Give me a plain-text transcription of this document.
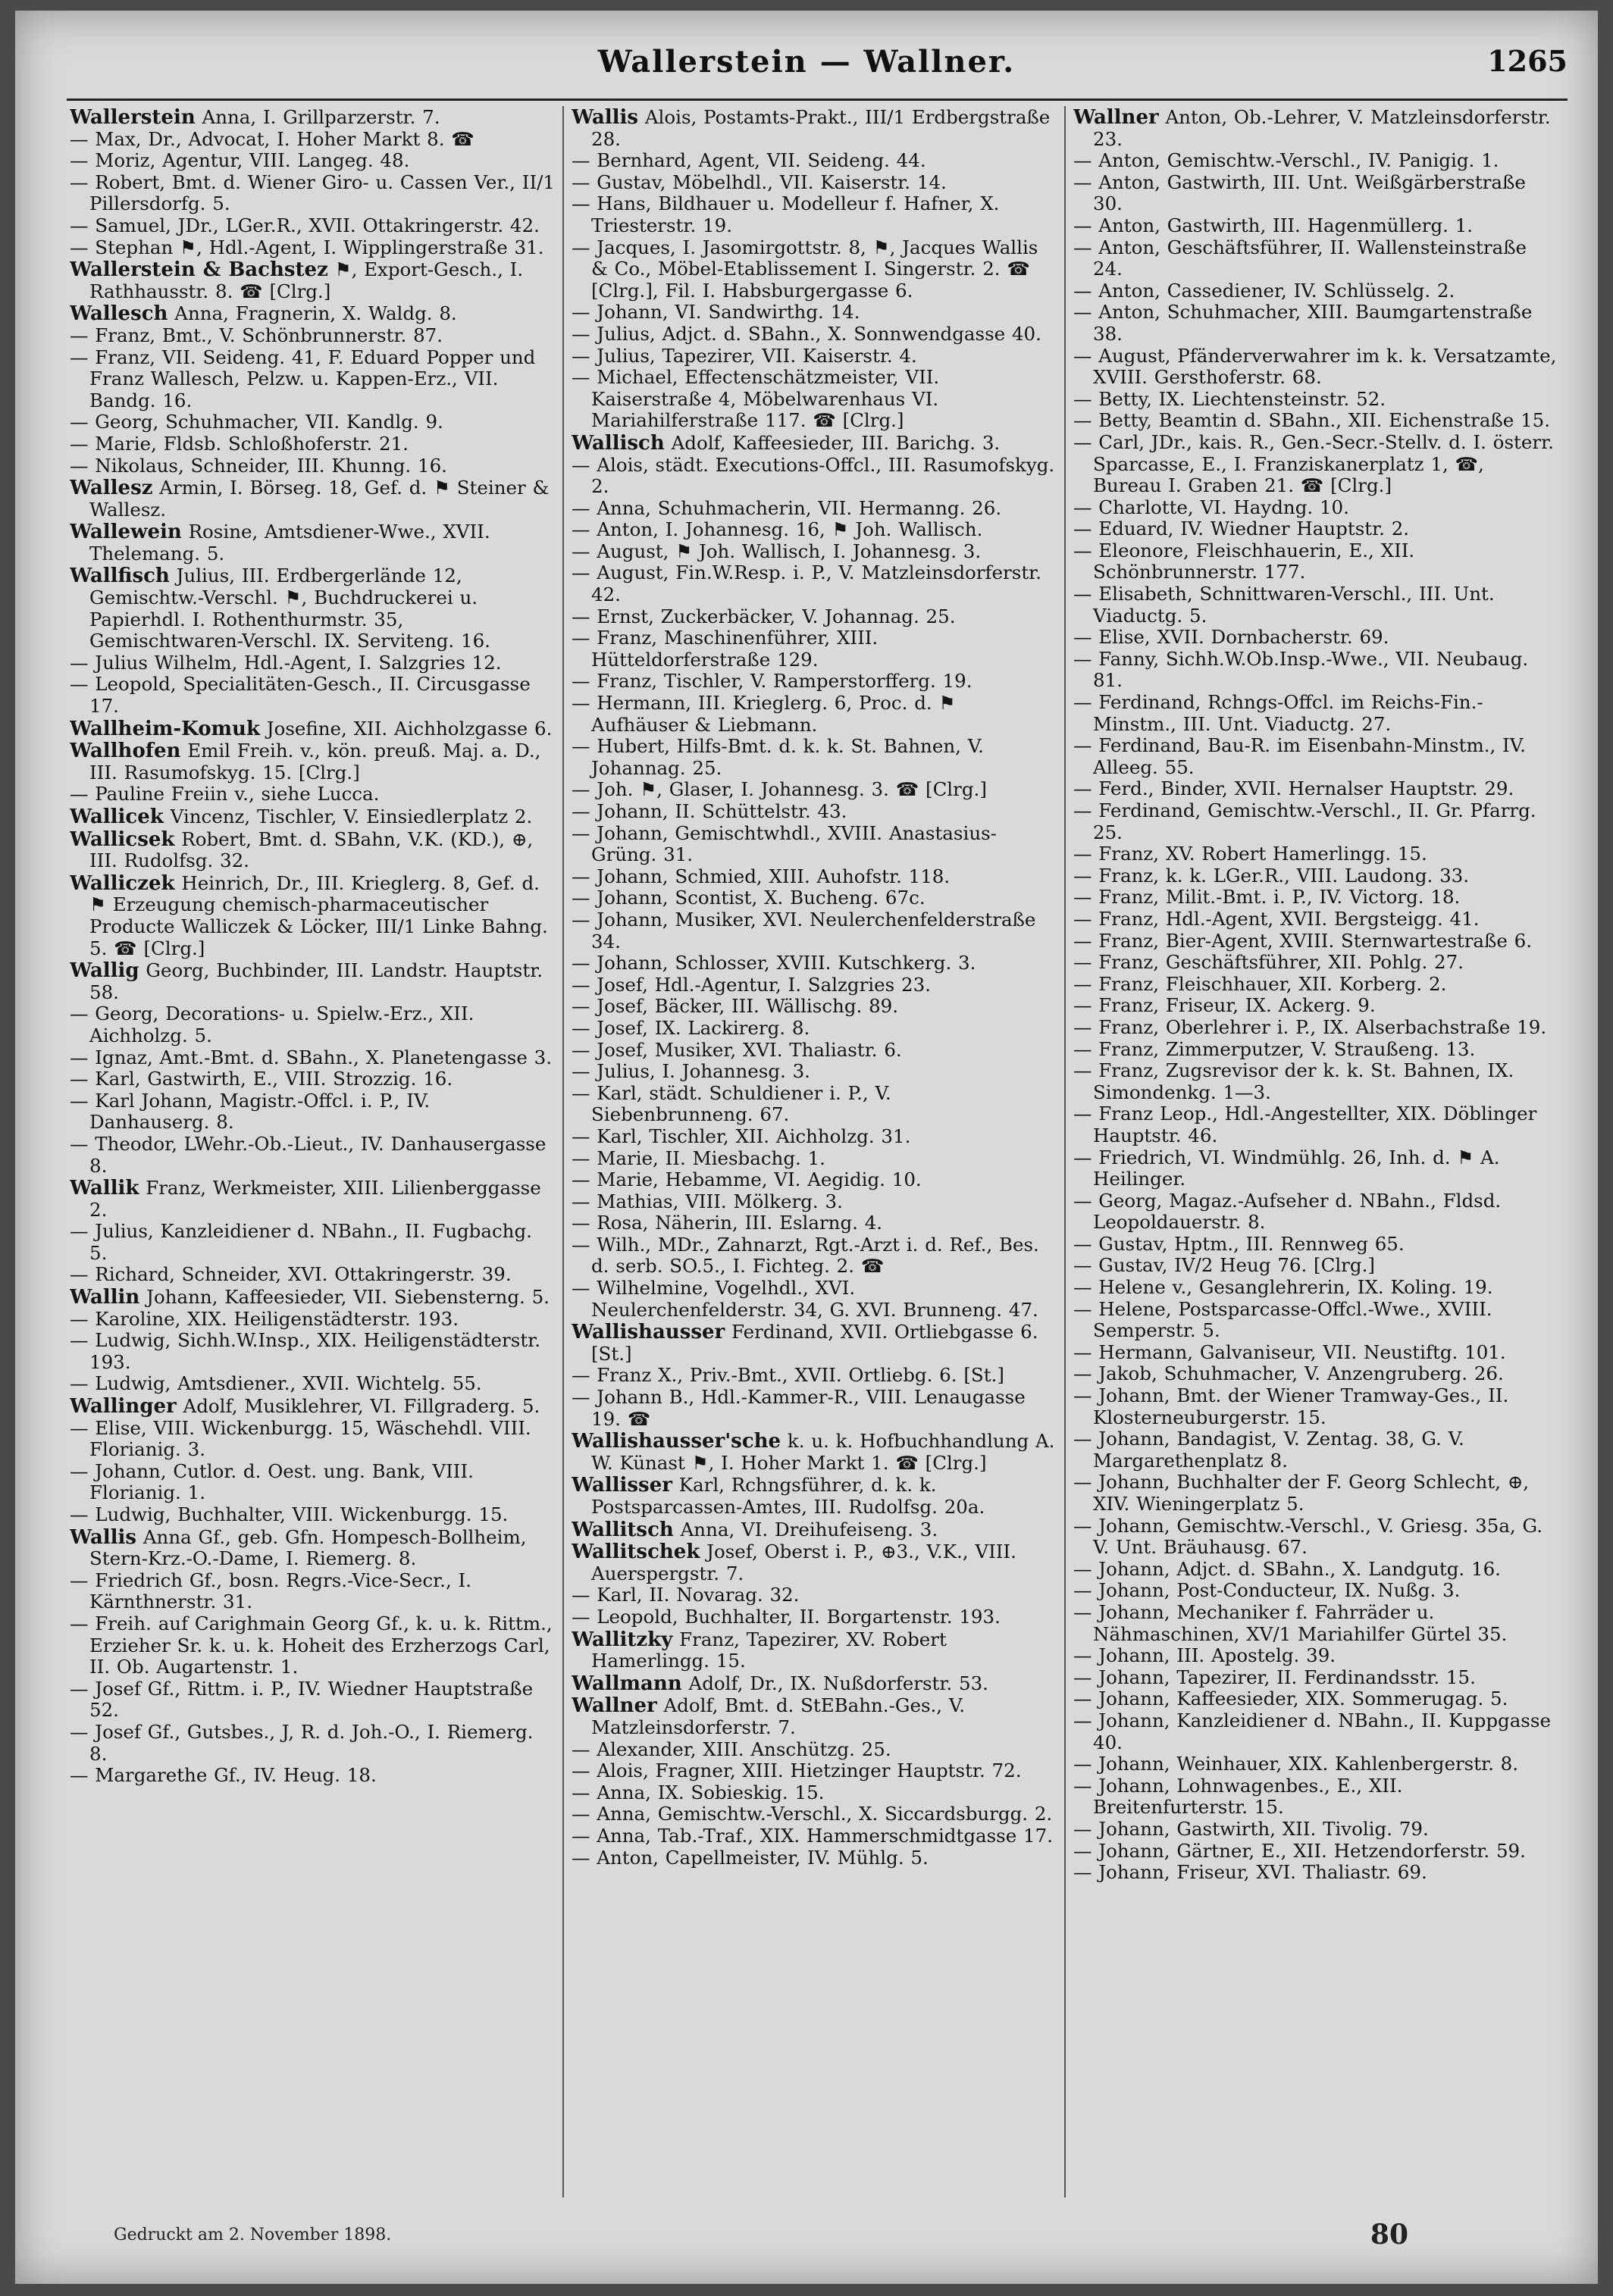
Wallerstein — Wallner.	1265

Wallerstein Anna, I. Grillparzerstr. 7.

— Max, Dr., Advocat, I. Hoher Markt 8. ☎

— Moriz, Agentur, VIII. Langeg. 48.

— Robert, Bmt. d. Wiener Giro- u. Cassen Ver., II/1 Pillersdorfg. 5.

— Samuel, JDr., LGer.R., XVII. Ottakringerstr. 42.

— Stephan ⚑, Hdl.-Agent, I. Wipplingerstraße 31.

Wallerstein & Bachstez ⚑, Export-Gesch., I. Rathhausstr. 8. ☎ [Clrg.]

Wallesch Anna, Fragnerin, X. Waldg. 8.

— Franz, Bmt., V. Schönbrunnerstr. 87.

— Franz, VII. Seideng. 41, F. Eduard Popper und Franz Wallesch, Pelzw. u. Kappen-Erz., VII. Bandg. 16.

— Georg, Schuhmacher, VII. Kandlg. 9.

— Marie, Fldsb. Schloßhoferstr. 21.

— Nikolaus, Schneider, III. Khunng. 16.

Wallesz Armin, I. Börseg. 18, Gef. d. ⚑ Steiner & Wallesz.

Wallewein Rosine, Amtsdiener-Wwe., XVII. Thelemang. 5.

Wallfisch Julius, III. Erdbergerlände 12, Gemischtw.-Verschl. ⚑, Buchdruckerei u. Papierhdl. I. Rothenthurmstr. 35, Gemischtwaren-Verschl. IX. Serviteng. 16.

— Julius Wilhelm, Hdl.-Agent, I. Salzgries 12.

— Leopold, Specialitäten-Gesch., II. Circusgasse 17.

Wallheim-Komuk Josefine, XII. Aichholzgasse 6.

Wallhofen Emil Freih. v., kön. preuß. Maj. a. D., III. Rasumofskyg. 15. [Clrg.]

— Pauline Freiin v., siehe Lucca.

Wallicek Vincenz, Tischler, V. Einsiedlerplatz 2.

Wallicsek Robert, Bmt. d. SBahn, V.K. (KD.), ⊕, III. Rudolfsg. 32.

Walliczek Heinrich, Dr., III. Krieglerg. 8, Gef. d. ⚑ Erzeugung chemisch-pharmaceutischer Producte Walliczek & Löcker, III/1 Linke Bahng. 5. ☎ [Clrg.]

Wallig Georg, Buchbinder, III. Landstr. Hauptstr. 58.

— Georg, Decorations- u. Spielw.-Erz., XII. Aichholzg. 5.

— Ignaz, Amt.-Bmt. d. SBahn., X. Planetengasse 3.

— Karl, Gastwirth, E., VIII. Strozzig. 16.

— Karl Johann, Magistr.-Offcl. i. P., IV. Danhauserg. 8.

— Theodor, LWehr.-Ob.-Lieut., IV. Danhausergasse 8.

Wallik Franz, Werkmeister, XIII. Lilienberggasse 2.

— Julius, Kanzleidiener d. NBahn., II. Fugbachg. 5.

— Richard, Schneider, XVI. Ottakringerstr. 39.

Wallin Johann, Kaffeesieder, VII. Siebensterng. 5.

— Karoline, XIX. Heiligenstädterstr. 193.

— Ludwig, Sichh.W.Insp., XIX. Heiligenstädterstr. 193.

— Ludwig, Amtsdiener., XVII. Wichtelg. 55.

Wallinger Adolf, Musiklehrer, VI. Fillgraderg. 5.

— Elise, VIII. Wickenburgg. 15, Wäschehdl. VIII. Florianig. 3.

— Johann, Cutlor. d. Oest. ung. Bank, VIII. Florianig. 1.

— Ludwig, Buchhalter, VIII. Wickenburgg. 15.

Wallis Anna Gf., geb. Gfn. Hompesch-Bollheim, Stern-Krz.-O.-Dame, I. Riemerg. 8.

— Friedrich Gf., bosn. Regrs.-Vice-Secr., I. Kärnthnerstr. 31.

— Freih. auf Carighmain Georg Gf., k. u. k. Rittm., Erzieher Sr. k. u. k. Hoheit des Erzherzogs Carl, II. Ob. Augartenstr. 1.

— Josef Gf., Rittm. i. P., IV. Wiedner Hauptstraße 52.

— Josef Gf., Gutsbes., J, R. d. Joh.-O., I. Riemerg. 8.

— Margarethe Gf., IV. Heug. 18.

Wallis Alois, Postamts-Prakt., III/1 Erdbergstraße 28.

— Bernhard, Agent, VII. Seideng. 44.

— Gustav, Möbelhdl., VII. Kaiserstr. 14.

— Hans, Bildhauer u. Modelleur f. Hafner, X. Triesterstr. 19.

— Jacques, I. Jasomirgottstr. 8, ⚑, Jacques Wallis & Co., Möbel-Etablissement I. Singerstr. 2. ☎ [Clrg.], Fil. I. Habsburgergasse 6.

— Johann, VI. Sandwirthg. 14.

— Julius, Adjct. d. SBahn., X. Sonnwendgasse 40.

— Julius, Tapezirer, VII. Kaiserstr. 4.

— Michael, Effectenschätzmeister, VII. Kaiserstraße 4, Möbelwarenhaus VI. Mariahilferstraße 117. ☎ [Clrg.]

Wallisch Adolf, Kaffeesieder, III. Barichg. 3.

— Alois, städt. Executions-Offcl., III. Rasumofskyg. 2.

— Anna, Schuhmacherin, VII. Hermanng. 26.

— Anton, I. Johannesg. 16, ⚑ Joh. Wallisch.

— August, ⚑ Joh. Wallisch, I. Johannesg. 3.

— August, Fin.W.Resp. i. P., V. Matzleinsdorferstr. 42.

— Ernst, Zuckerbäcker, V. Johannag. 25.

— Franz, Maschinenführer, XIII. Hütteldorferstraße 129.

— Franz, Tischler, V. Ramperstorfferg. 19.

— Hermann, III. Krieglerg. 6, Proc. d. ⚑ Aufhäuser & Liebmann.

— Hubert, Hilfs-Bmt. d. k. k. St. Bahnen, V. Johannag. 25.

— Joh. ⚑, Glaser, I. Johannesg. 3. ☎ [Clrg.]

— Johann, II. Schüttelstr. 43.

— Johann, Gemischtwhdl., XVIII. Anastasius-Grüng. 31.

— Johann, Schmied, XIII. Auhofstr. 118.

— Johann, Scontist, X. Bucheng. 67c.

— Johann, Musiker, XVI. Neulerchenfelderstraße 34.

— Johann, Schlosser, XVIII. Kutschkerg. 3.

— Josef, Hdl.-Agentur, I. Salzgries 23.

— Josef, Bäcker, III. Wällischg. 89.

— Josef, IX. Lackirerg. 8.

— Josef, Musiker, XVI. Thaliastr. 6.

— Julius, I. Johannesg. 3.

— Karl, städt. Schuldiener i. P., V. Siebenbrunneng. 67.

— Karl, Tischler, XII. Aichholzg. 31.

— Marie, II. Miesbachg. 1.

— Marie, Hebamme, VI. Aegidig. 10.

— Mathias, VIII. Mölkerg. 3.

— Rosa, Näherin, III. Eslarng. 4.

— Wilh., MDr., Zahnarzt, Rgt.-Arzt i. d. Ref., Bes. d. serb. SO.5., I. Fichteg. 2. ☎

— Wilhelmine, Vogelhdl., XVI. Neulerchenfelderstr. 34, G. XVI. Brunneng. 47.

Wallishausser Ferdinand, XVII. Ortliebgasse 6. [St.]

— Franz X., Priv.-Bmt., XVII. Ortliebg. 6. [St.]

— Johann B., Hdl.-Kammer-R., VIII. Lenaugasse 19. ☎

Wallishausser'sche k. u. k. Hofbuchhandlung A. W. Künast ⚑, I. Hoher Markt 1. ☎ [Clrg.]

Wallisser Karl, Rchngsführer, d. k. k. Postsparcassen-Amtes, III. Rudolfsg. 20a.

Wallitsch Anna, VI. Dreihufeiseng. 3.

Wallitschek Josef, Oberst i. P., ⊕3., V.K., VIII. Auerspergstr. 7.

— Karl, II. Novarag. 32.

— Leopold, Buchhalter, II. Borgartenstr. 193.

Wallitzky Franz, Tapezirer, XV. Robert Hamerlingg. 15.

Wallmann Adolf, Dr., IX. Nußdorferstr. 53.

Wallner Adolf, Bmt. d. StEBahn.-Ges., V. Matzleinsdorferstr. 7.

— Alexander, XIII. Anschützg. 25.

— Alois, Fragner, XIII. Hietzinger Hauptstr. 72.

— Anna, IX. Sobieskig. 15.

— Anna, Gemischtw.-Verschl., X. Siccardsburgg. 2.

— Anna, Tab.-Traf., XIX. Hammerschmidtgasse 17.

— Anton, Capellmeister, IV. Mühlg. 5.

Wallner Anton, Ob.-Lehrer, V. Matzleinsdorferstr. 23.

— Anton, Gemischtw.-Verschl., IV. Panigig. 1.

— Anton, Gastwirth, III. Unt. Weißgärberstraße 30.

— Anton, Gastwirth, III. Hagenmüllerg. 1.

— Anton, Geschäftsführer, II. Wallensteinstraße 24.

— Anton, Cassediener, IV. Schlüsselg. 2.

— Anton, Schuhmacher, XIII. Baumgartenstraße 38.

— August, Pfänderverwahrer im k. k. Versatzamte, XVIII. Gersthoferstr. 68.

— Betty, IX. Liechtensteinstr. 52.

— Betty, Beamtin d. SBahn., XII. Eichenstraße 15.

— Carl, JDr., kais. R., Gen.-Secr.-Stellv. d. I. österr. Sparcasse, E., I. Franziskanerplatz 1, ☎, Bureau I. Graben 21. ☎ [Clrg.]

— Charlotte, VI. Haydng. 10.

— Eduard, IV. Wiedner Hauptstr. 2.

— Eleonore, Fleischhauerin, E., XII. Schönbrunnerstr. 177.

— Elisabeth, Schnittwaren-Verschl., III. Unt. Viaductg. 5.

— Elise, XVII. Dornbacherstr. 69.

— Fanny, Sichh.W.Ob.Insp.-Wwe., VII. Neubaug. 81.

— Ferdinand, Rchngs-Offcl. im Reichs-Fin.-Minstm., III. Unt. Viaductg. 27.

— Ferdinand, Bau-R. im Eisenbahn-Minstm., IV. Alleeg. 55.

— Ferd., Binder, XVII. Hernalser Hauptstr. 29.

— Ferdinand, Gemischtw.-Verschl., II. Gr. Pfarrg. 25.

— Franz, XV. Robert Hamerlingg. 15.

— Franz, k. k. LGer.R., VIII. Laudong. 33.

— Franz, Milit.-Bmt. i. P., IV. Victorg. 18.

— Franz, Hdl.-Agent, XVII. Bergsteigg. 41.

— Franz, Bier-Agent, XVIII. Sternwartestraße 6.

— Franz, Geschäftsführer, XII. Pohlg. 27.

— Franz, Fleischhauer, XII. Korberg. 2.

— Franz, Friseur, IX. Ackerg. 9.

— Franz, Oberlehrer i. P., IX. Alserbachstraße 19.

— Franz, Zimmerputzer, V. Straußeng. 13.

— Franz, Zugsrevisor der k. k. St. Bahnen, IX. Simondenkg. 1—3.

— Franz Leop., Hdl.-Angestellter, XIX. Döblinger Hauptstr. 46.

— Friedrich, VI. Windmühlg. 26, Inh. d. ⚑ A. Heilinger.

— Georg, Magaz.-Aufseher d. NBahn., Fldsd. Leopoldauerstr. 8.

— Gustav, Hptm., III. Rennweg 65.

— Gustav, IV/2 Heug 76. [Clrg.]

— Helene v., Gesanglehrerin, IX. Koling. 19.

— Helene, Postsparcasse-Offcl.-Wwe., XVIII. Semperstr. 5.

— Hermann, Galvaniseur, VII. Neustiftg. 101.

— Jakob, Schuhmacher, V. Anzengruberg. 26.

— Johann, Bmt. der Wiener Tramway-Ges., II. Klosterneuburgerstr. 15.

— Johann, Bandagist, V. Zentag. 38, G. V. Margarethenplatz 8.

— Johann, Buchhalter der F. Georg Schlecht, ⊕, XIV. Wieningerplatz 5.

— Johann, Gemischtw.-Verschl., V. Griesg. 35a, G. V. Unt. Bräuhausg. 67.

— Johann, Adjct. d. SBahn., X. Landgutg. 16.

— Johann, Post-Conducteur, IX. Nußg. 3.

— Johann, Mechaniker f. Fahrräder u. Nähmaschinen, XV/1 Mariahilfer Gürtel 35.

— Johann, III. Apostelg. 39.

— Johann, Tapezirer, II. Ferdinandsstr. 15.

— Johann, Kaffeesieder, XIX. Sommerugag. 5.

— Johann, Kanzleidiener d. NBahn., II. Kuppgasse 40.

— Johann, Weinhauer, XIX. Kahlenbergerstr. 8.

— Johann, Lohnwagenbes., E., XII. Breitenfurterstr. 15.

— Johann, Gastwirth, XII. Tivolig. 79.

— Johann, Gärtner, E., XII. Hetzendorferstr. 59.

— Johann, Friseur, XVI. Thaliastr. 69.

Gedruckt am 2. November 1898.	80
